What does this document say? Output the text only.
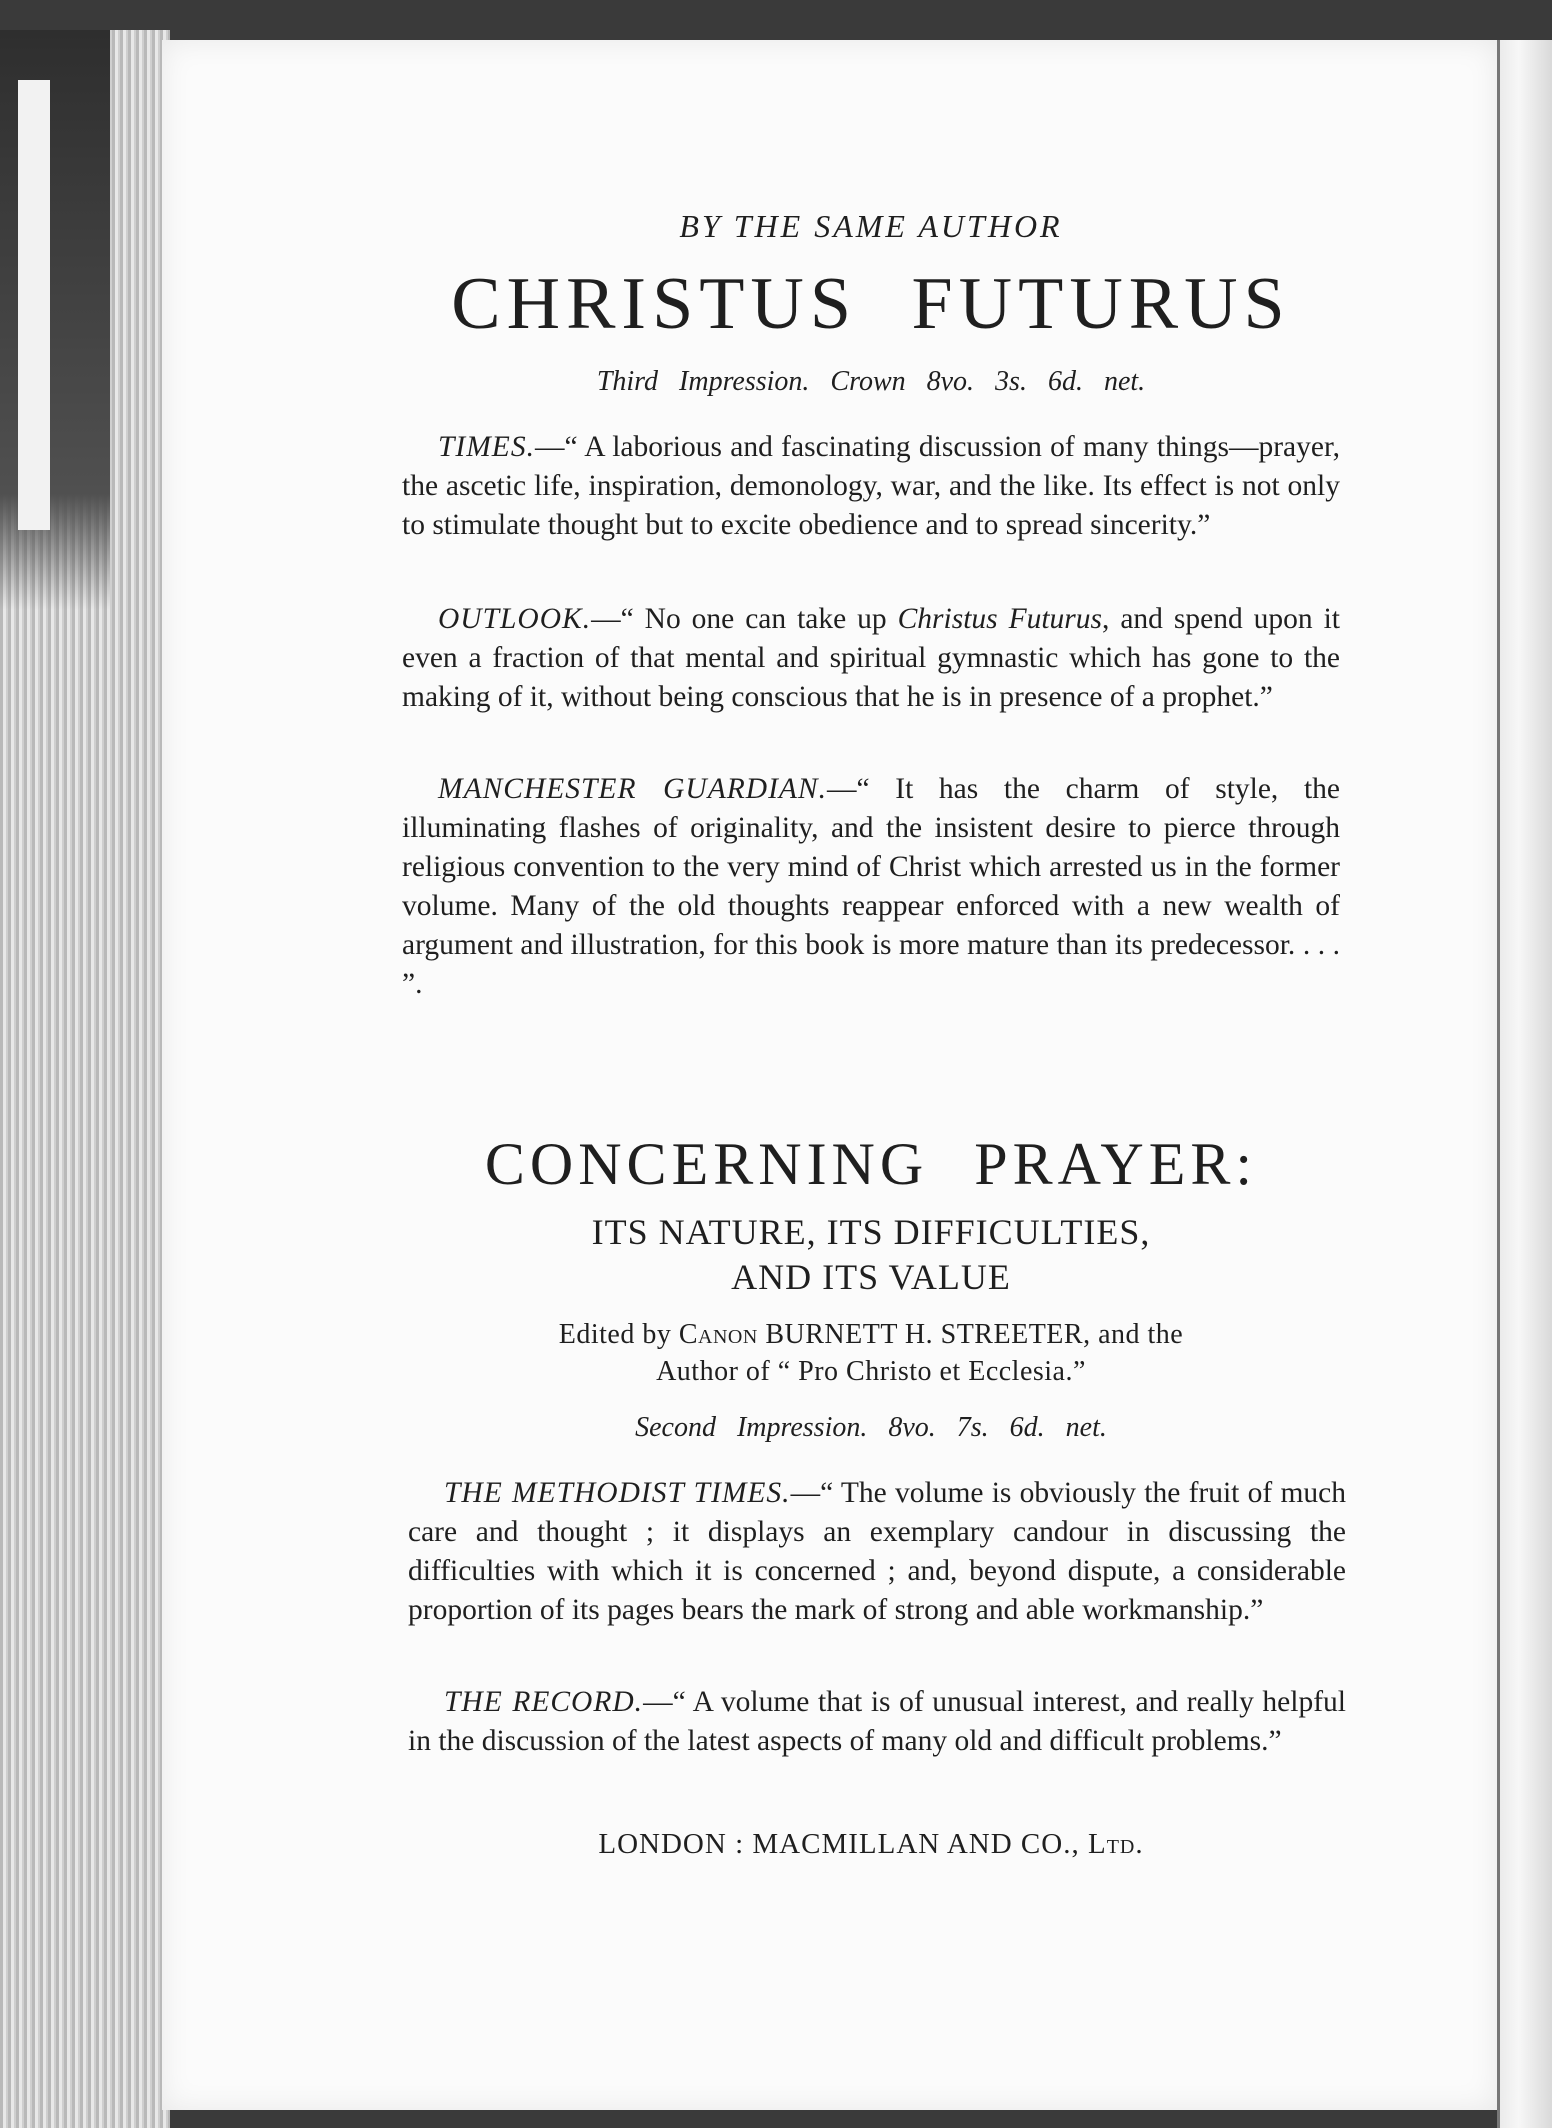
BY THE SAME AUTHOR
CHRISTUS FUTURUS
Third Impression. Crown 8vo. 3s. 6d. net.
TIMES.—“ A laborious and fascinating discussion of many things—prayer, the ascetic life, inspiration, demonology, war, and the like. Its effect is not only to stimulate thought but to excite obedience and to spread sincerity.”
OUTLOOK.—“ No one can take up Christus Futurus, and spend upon it even a fraction of that mental and spiritual gymnastic which has gone to the making of it, without being conscious that he is in presence of a prophet.”
MANCHESTER GUARDIAN.—“ It has the charm of style, the illuminating flashes of originality, and the insistent desire to pierce through religious convention to the very mind of Christ which arrested us in the former volume. Many of the old thoughts reappear enforced with a new wealth of argument and illustration, for this book is more mature than its predecessor. . . . ”.
CONCERNING PRAYER:
ITS NATURE, ITS DIFFICULTIES,
AND ITS VALUE
Edited by Canon BURNETT H. STREETER, and the
Author of “ Pro Christo et Ecclesia.”
Second Impression. 8vo. 7s. 6d. net.
THE METHODIST TIMES.—“ The volume is obviously the fruit of much care and thought ; it displays an exemplary candour in discussing the difficulties with which it is concerned ; and, beyond dispute, a considerable proportion of its pages bears the mark of strong and able workmanship.”
THE RECORD.—“ A volume that is of unusual interest, and really helpful in the discussion of the latest aspects of many old and difficult problems.”
LONDON : MACMILLAN AND CO., Ltd.
